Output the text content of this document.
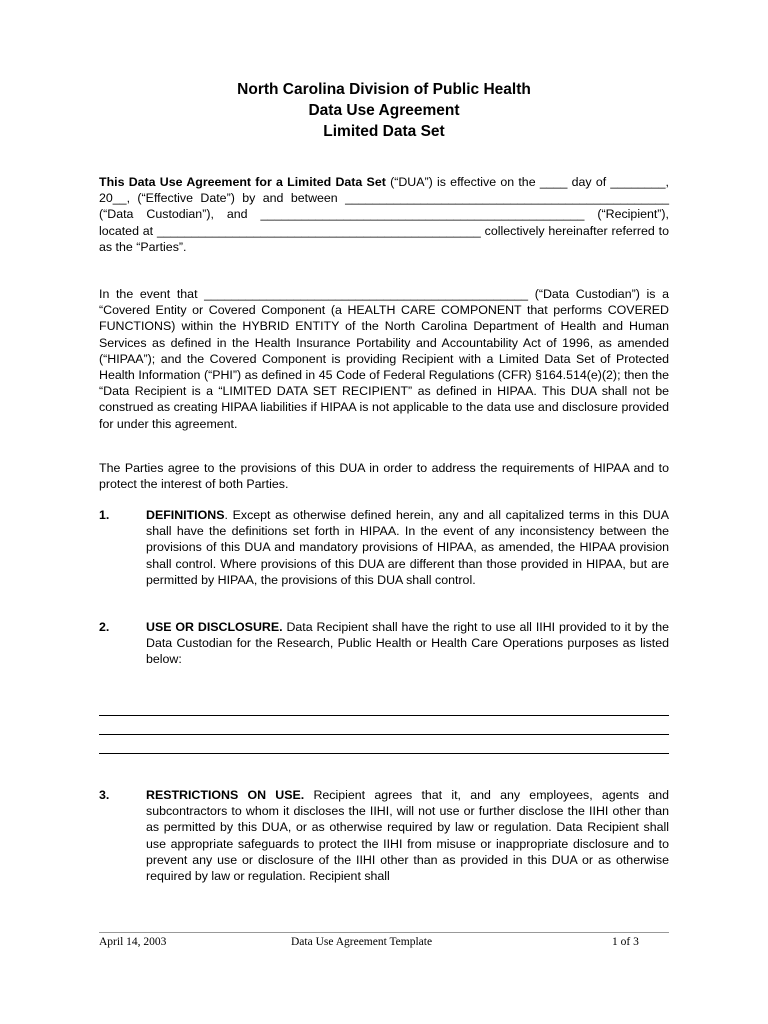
North Carolina Division of Public Health
Data Use Agreement
Limited Data Set
This Data Use Agreement for a Limited Data Set (“DUA”) is effective on the ____ day of ________, 20__, (“Effective Date”) by and between _______________________________________________ (“Data Custodian”), and _______________________________________________ (“Recipient”), located at _______________________________________________ collectively hereinafter referred to as the “Parties”.
In the event that _______________________________________________ (“Data Custodian”) is a “Covered Entity or Covered Component (a HEALTH CARE COMPONENT that performs COVERED FUNCTIONS) within the HYBRID ENTITY of the North Carolina Department of Health and Human Services as defined in the Health Insurance Portability and Accountability Act of 1996, as amended (“HIPAA”); and the Covered Component is providing Recipient with a Limited Data Set of Protected Health Information (“PHI”) as defined in 45 Code of Federal Regulations (CFR) §164.514(e)(2); then the “Data Recipient is a “LIMITED DATA SET RECIPIENT” as defined in HIPAA. This DUA shall not be construed as creating HIPAA liabilities if HIPAA is not applicable to the data use and disclosure provided for under this agreement.
The Parties agree to the provisions of this DUA in order to address the requirements of HIPAA and to protect the interest of both Parties.
1.	DEFINITIONS. Except as otherwise defined herein, any and all capitalized terms in this DUA shall have the definitions set forth in HIPAA. In the event of any inconsistency between the provisions of this DUA and mandatory provisions of HIPAA, as amended, the HIPAA provision shall control. Where provisions of this DUA are different than those provided in HIPAA, but are permitted by HIPAA, the provisions of this DUA shall control.
2.	USE OR DISCLOSURE. Data Recipient shall have the right to use all IIHI provided to it by the Data Custodian for the Research, Public Health or Health Care Operations purposes as listed below:
3.	RESTRICTIONS ON USE. Recipient agrees that it, and any employees, agents and subcontractors to whom it discloses the IIHI, will not use or further disclose the IIHI other than as permitted by this DUA, or as otherwise required by law or regulation. Data Recipient shall use appropriate safeguards to protect the IIHI from misuse or inappropriate disclosure and to prevent any use or disclosure of the IIHI other than as provided in this DUA or as otherwise required by law or regulation. Recipient shall
April 14, 2003	Data Use Agreement Template	1 of 3
